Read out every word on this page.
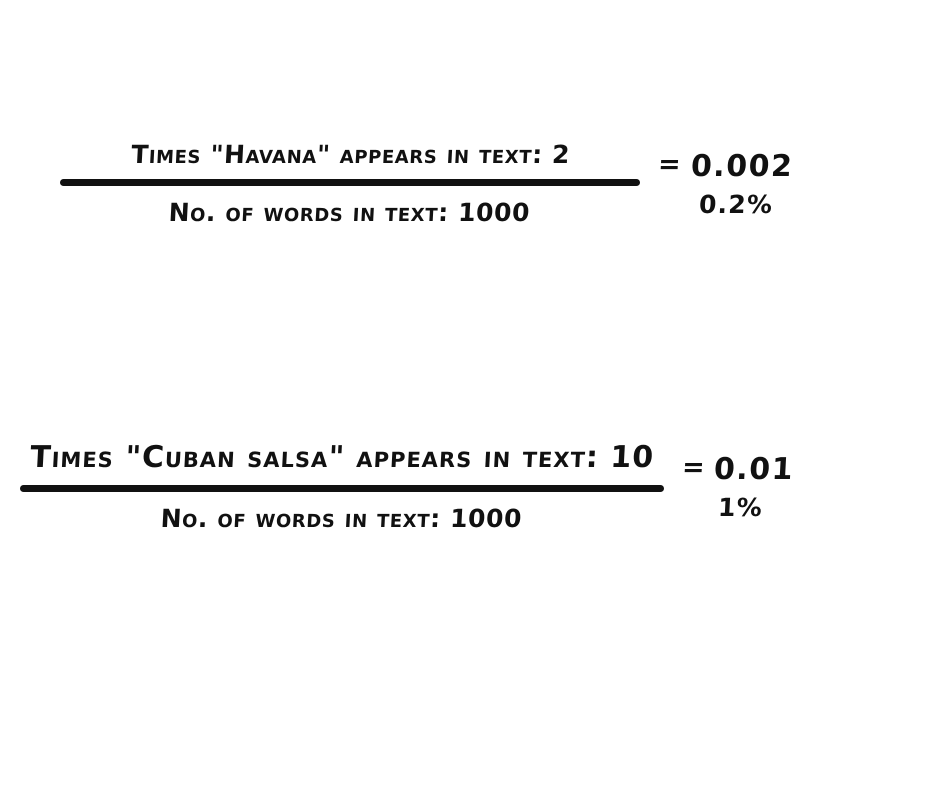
Times "Havana" appears in text: 2
No. of words in text: 1000
= 0.002
0.2%
Times "Cuban salsa" appears in text: 10
No. of words in text: 1000
= 0.01
1%
